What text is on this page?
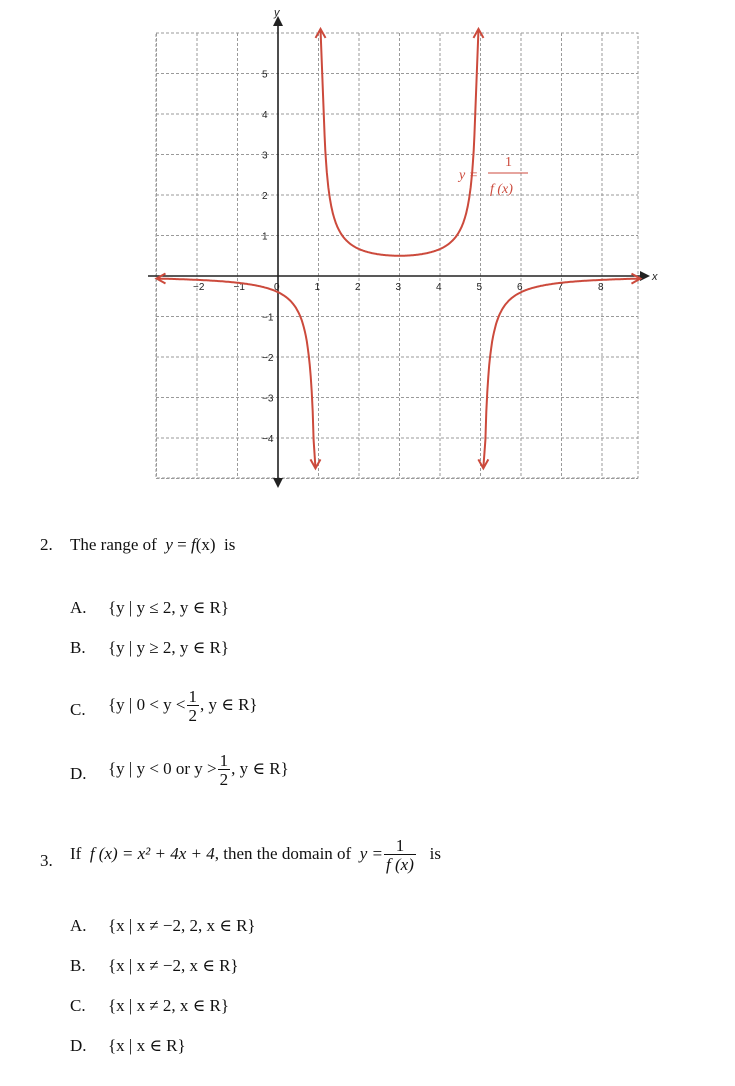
x
y
−2	−1	0	1	2	3	4	5	6	7	8
5
4
3
2
1
−1
−2
−3
−4
y =
1
f (x)
2. The range of y = f(x) is
A. {y | y ≤ 2, y ∈ R}
B. {y | y ≥ 2, y ∈ R}
C. {y | $0 < y < \frac{1}{2}$ , y ∈ R}
D. {y | y < 0 or $y > \frac{1}{2}$ , y ∈ R}
3. If f (x) = x² + 4x + 4, then the domain of $y = \frac{1}{f (x)}$ is
A. {x | x ≠ −2, 2, x ∈ R}
B. {x | x ≠ −2, x ∈ R}
C. {x | x ≠ 2, x ∈ R}
D. {x | x ∈ R}
